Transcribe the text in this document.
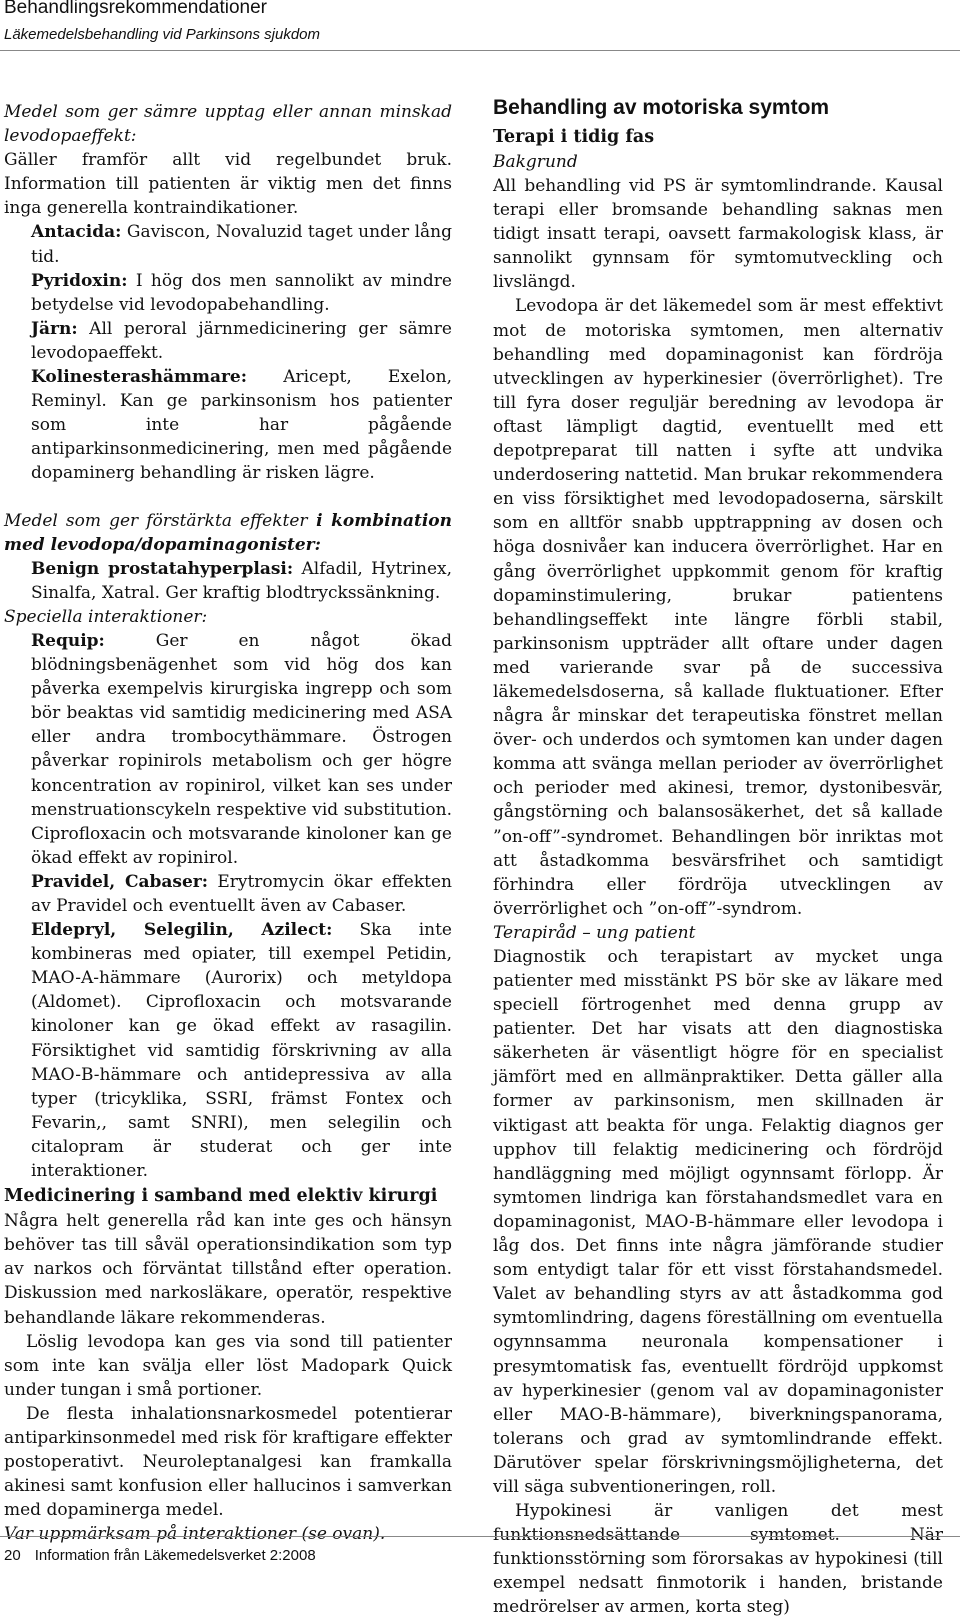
Behandlingsrekommendationer
Läkemedelsbehandling vid Parkinsons sjukdom

Medel som ger sämre upptag eller annan minskad levodopaeffekt:

Gäller framför allt vid regelbundet bruk. Information till patienten är viktig men det finns inga generella kontraindikationer.

Antacida: Gaviscon, Novaluzid taget under lång tid.

Pyridoxin: I hög dos men sannolikt av mindre betydelse vid levodopabehandling.

Järn: All peroral järnmedicinering ger sämre levodopaeffekt.

Kolinesterashämmare: Aricept, Exelon, Reminyl. Kan ge parkinsonism hos patienter som inte har pågående antiparkinsonmedicinering, men med pågående dopaminerg behandling är risken lägre.

Medel som ger förstärkta effekter i kombination med levodopa/dopaminagonister:

Benign prostatahyperplasi: Alfadil, Hytrinex, Sinalfa, Xatral. Ger kraftig blodtryckssänkning.

Speciella interaktioner:

Requip: Ger en något ökad blödningsbenägenhet som vid hög dos kan påverka exempelvis kirurgiska ingrepp och som bör beaktas vid samtidig medicinering med ASA eller andra trombocythämmare. Östrogen påverkar ropinirols metabolism och ger högre koncentration av ropinirol, vilket kan ses under menstruationscykeln respektive vid substitution. Ciprofloxacin och motsvarande kinoloner kan ge ökad effekt av ropinirol.

Pravidel, Cabaser: Erytromycin ökar effekten av Pravidel och eventuellt även av Cabaser.

Eldepryl, Selegilin, Azilect: Ska inte kombineras med opiater, till exempel Petidin, MAO-A-hämmare (Aurorix) och metyldopa (Aldomet). Ciprofloxacin och motsvarande kinoloner kan ge ökad effekt av rasagilin. Försiktighet vid samtidig förskrivning av alla MAO-B-hämmare och antidepressiva av alla typer (tricyklika, SSRI, främst Fontex och Fevarin,, samt SNRI), men selegilin och citalopram är studerat och ger inte interaktioner.

Medicinering i samband med elektiv kirurgi

Några helt generella råd kan inte ges och hänsyn behöver tas till såväl operationsindikation som typ av narkos och förväntat tillstånd efter operation. Diskussion med narkosläkare, operatör, respektive behandlande läkare rekommenderas.

Löslig levodopa kan ges via sond till patienter som inte kan svälja eller löst Madopark Quick under tungan i små portioner.

De flesta inhalationsnarkosmedel potentierar antiparkinsonmedel med risk för kraftigare effekter postoperativt. Neuroleptanalgesi kan framkalla akinesi samt konfusion eller hallucinos i samverkan med dopaminerga medel.

Var uppmärksam på interaktioner (se ovan).

Behandling av motoriska symtom

Terapi i tidig fas

Bakgrund

All behandling vid PS är symtomlindrande. Kausal terapi eller bromsande behandling saknas men tidigt insatt terapi, oavsett farmakologisk klass, är sannolikt gynnsam för symtomutveckling och livslängd.

Levodopa är det läkemedel som är mest effektivt mot de motoriska symtomen, men alternativ behandling med dopaminagonist kan fördröja utvecklingen av hyperkinesier (överrörlighet). Tre till fyra doser reguljär beredning av levodopa är oftast lämpligt dagtid, eventuellt med ett depotpreparat till natten i syfte att undvika underdosering nattetid. Man brukar rekommendera en viss försiktighet med levodopadoserna, särskilt som en alltför snabb upptrappning av dosen och höga dosnivåer kan inducera överrörlighet. Har en gång överrörlighet uppkommit genom för kraftig dopaminstimulering, brukar patientens behandlingseffekt inte längre förbli stabil, parkinsonism uppträder allt oftare under dagen med varierande svar på de successiva läkemedelsdoserna, så kallade fluktuationer. Efter några år minskar det terapeutiska fönstret mellan över- och underdos och symtomen kan under dagen komma att svänga mellan perioder av överrörlighet och perioder med akinesi, tremor, dystonibesvär, gångstörning och balansosäkerhet, det så kallade ”on-off”-syndromet. Behandlingen bör inriktas mot att åstadkomma besvärsfrihet och samtidigt förhindra eller fördröja utvecklingen av överrörlighet och ”on-off”-syndrom.

Terapiråd – ung patient

Diagnostik och terapistart av mycket unga patienter med misstänkt PS bör ske av läkare med speciell förtrogenhet med denna grupp av patienter. Det har visats att den diagnostiska säkerheten är väsentligt högre för en specialist jämfört med en allmänpraktiker. Detta gäller alla former av parkinsonism, men skillnaden är viktigast att beakta för unga. Felaktig diagnos ger upphov till felaktig medicinering och fördröjd handläggning med möjligt ogynnsamt förlopp. Är symtomen lindriga kan förstahandsmedlet vara en dopaminagonist, MAO-B-hämmare eller levodopa i låg dos. Det finns inte några jämförande studier som entydigt talar för ett visst förstahandsmedel. Valet av behandling styrs av att åstadkomma god symtomlindring, dagens föreställning om eventuella ogynnsamma neuronala kompensationer i presymtomatisk fas, eventuellt fördröjd uppkomst av hyperkinesier (genom val av dopaminagonister eller MAO-B-hämmare), biverkningspanorama, tolerans och grad av symtomlindrande effekt. Därutöver spelar förskrivningsmöjligheterna, det vill säga subventioneringen, roll.

Hypokinesi är vanligen det mest funktionsnedsättande symtomet. När funktionsstörning som förorsakas av hypokinesi (till exempel nedsatt finmotorik i handen, bristande medrörelser av armen, korta steg)

20 Information från Läkemedelsverket 2:2008
